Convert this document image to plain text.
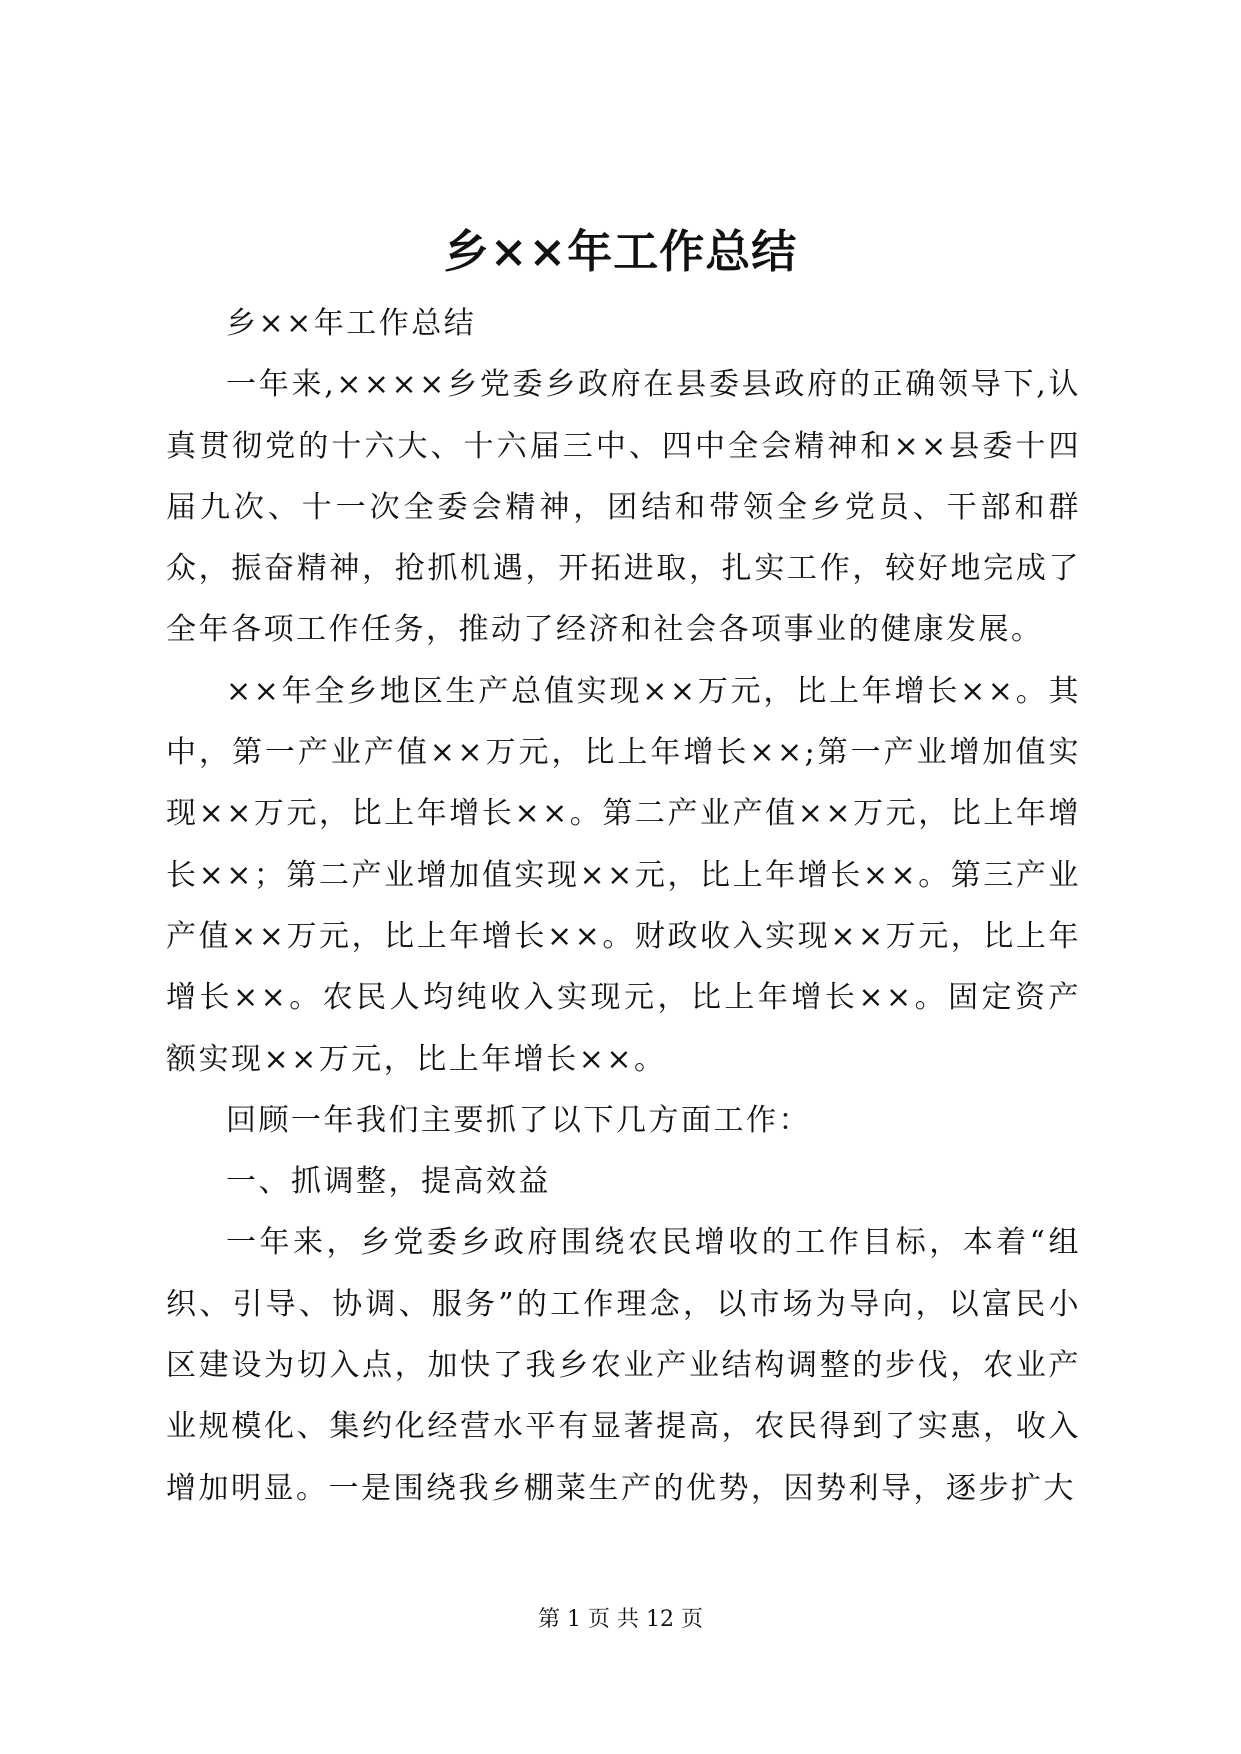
乡××年工作总结

乡××年工作总结

一年来,××××乡党委乡政府在县委县政府的正确领导下,认真贯彻党的十六大、十六届三中、四中全会精神和××县委十四届九次、十一次全委会精神，团结和带领全乡党员、干部和群众，振奋精神，抢抓机遇，开拓进取，扎实工作，较好地完成了全年各项工作任务，推动了经济和社会各项事业的健康发展。

××年全乡地区生产总值实现××万元，比上年增长××。其中，第一产业产值××万元，比上年增长××;第一产业增加值实现××万元，比上年增长××。第二产业产值××万元，比上年增长××；第二产业增加值实现××元，比上年增长××。第三产业产值××万元，比上年增长××。财政收入实现××万元，比上年增长××。农民人均纯收入实现元，比上年增长××。固定资产额实现××万元，比上年增长××。

回顾一年我们主要抓了以下几方面工作：

一、抓调整，提高效益

一年来，乡党委乡政府围绕农民增收的工作目标，本着“组织、引导、协调、服务”的工作理念，以市场为导向，以富民小区建设为切入点，加快了我乡农业产业结构调整的步伐，农业产业规模化、集约化经营水平有显著提高，农民得到了实惠，收入增加明显。一是围绕我乡棚菜生产的优势，因势利导，逐步扩大

第 1 页 共 12 页
